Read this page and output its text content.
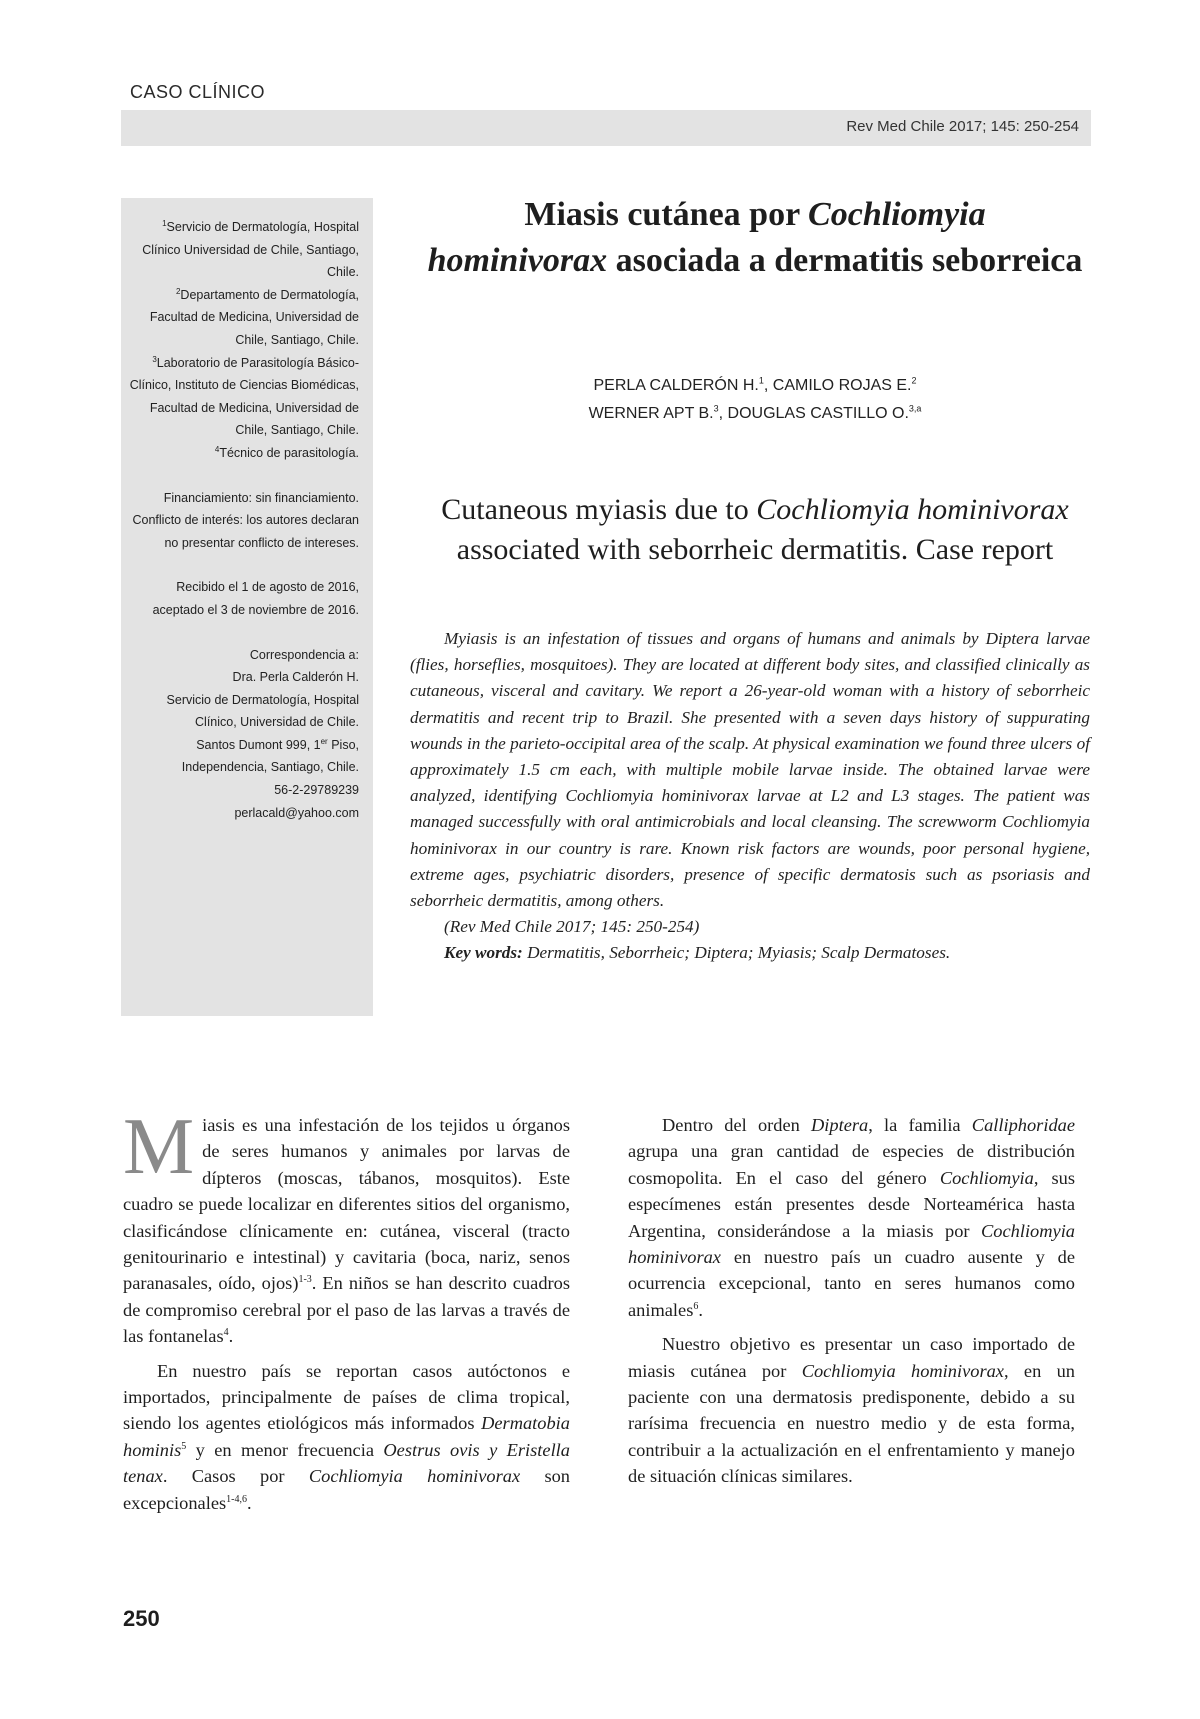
CASO CLÍNICO
Rev Med Chile 2017; 145: 250-254

$^1$Servicio de Dermatología, Hospital Clínico Universidad de Chile, Santiago, Chile.

$^2$Departamento de Dermatología, Facultad de Medicina, Universidad de Chile, Santiago, Chile.

$^3$Laboratorio de Parasitología Básico-Clínico, Instituto de Ciencias Biomédicas, Facultad de Medicina, Universidad de Chile, Santiago, Chile.

$^4$Técnico de parasitología.

Financiamiento: sin financiamiento.

Conflicto de interés: los autores declaran no presentar conflicto de intereses.

Recibido el 1 de agosto de 2016, aceptado el 3 de noviembre de 2016.

Correspondencia a:

Dra. Perla Calderón H.

Servicio de Dermatología, Hospital Clínico, Universidad de Chile.

Santos Dumont 999, 1er Piso, Independencia, Santiago, Chile.

56-2-29789239

perlacald@yahoo.com

Miasis cutánea por Cochliomyia
hominivorax asociada a dermatitis seborreica
PERLA CALDERÓN H.$^1$, CAMILO ROJAS E.$^2$
WERNER APT B.$^3$, DOUGLAS CASTILLO O.$^{3,a}$
Cutaneous myiasis due to Cochliomyia hominivorax associated with seborrheic dermatitis. Case report

Myiasis is an infestation of tissues and organs of humans and animals by Diptera larvae (flies, horseflies, mosquitoes). They are located at different body sites, and classified clinically as cutaneous, visceral and cavitary. We report a 26-year-old woman with a history of seborrheic dermatitis and recent trip to Brazil. She presented with a seven days history of suppurating wounds in the parieto-occipital area of the scalp. At physical examination we found three ulcers of approximately 1.5 cm each, with multiple mobile larvae inside. The obtained larvae were analyzed, identifying Cochliomyia hominivorax larvae at L2 and L3 stages. The patient was managed successfully with oral antimicrobials and local cleansing. The screwworm Cochliomyia hominivorax in our country is rare. Known risk factors are wounds, poor personal hygiene, extreme ages, psychiatric disorders, presence of specific dermatosis such as psoriasis and seborrheic dermatitis, among others.

(Rev Med Chile 2017; 145: 250-254)
Key words: Dermatitis, Seborrheic; Diptera; Myiasis; Scalp Dermatoses.

Miasis es una infestación de los tejidos u órganos de seres humanos y animales por larvas de dípteros (moscas, tábanos, mosquitos). Este cuadro se puede localizar en diferentes sitios del organismo, clasificándose clínicamente en: cutánea, visceral (tracto genitourinario e intestinal) y cavitaria (boca, nariz, senos paranasales, oído, ojos)$^{1-3}$. En niños se han descrito cuadros de compromiso cerebral por el paso de las larvas a través de las fontanelas$^4$.

En nuestro país se reportan casos autóctonos e importados, principalmente de países de clima tropical, siendo los agentes etiológicos más informados Dermatobia hominis$^5$ y en menor frecuencia Oestrus ovis y Eristella tenax. Casos por Cochliomyia hominivorax son excepcionales$^{1-4,6}$.

Dentro del orden Diptera, la familia Calliphoridae agrupa una gran cantidad de especies de distribución cosmopolita. En el caso del género Cochliomyia, sus especímenes están presentes desde Norteamérica hasta Argentina, considerándose a la miasis por Cochliomyia hominivorax en nuestro país un cuadro ausente y de ocurrencia excepcional, tanto en seres humanos como animales$^6$.

Nuestro objetivo es presentar un caso importado de miasis cutánea por Cochliomyia hominivorax, en un paciente con una dermatosis predisponente, debido a su rarísima frecuencia en nuestro medio y de esta forma, contribuir a la actualización en el enfrentamiento y manejo de situación clínicas similares.

250
